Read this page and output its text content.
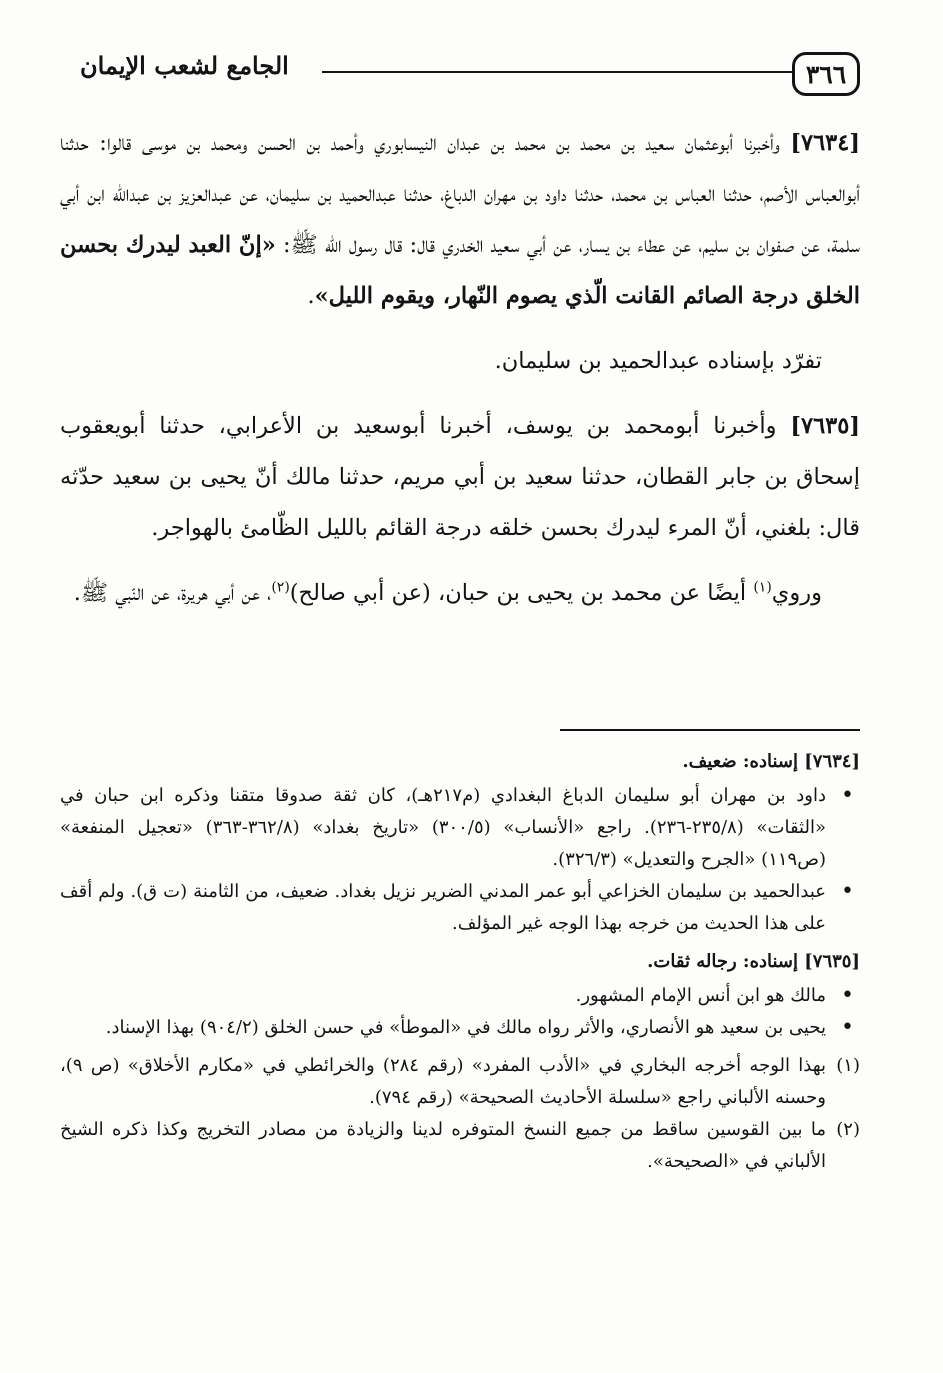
٣٦٦
الجامع لشعب الإيمان

[٧٦٣٤] وأخبرنا أبوعثمان سعيد بن محمد بن محمد بن عبدان النيسابوري وأحمد بن الحسن ومحمد بن موسى قالوا: حدثنا أبوالعباس الأصم، حدثنا العباس بن محمد، حدثنا داود بن مهران الدباغ، حدثنا عبدالحميد بن سليمان، عن عبدالعزيز بن عبدالله ابن أبي سلمة، عن صفوان بن سليم، عن عطاء بن يسار، عن أبي سعيد الخدري قال: قال رسول الله ﷺ: «إنّ العبد ليدرك بحسن الخلق درجة الصائم القانت الّذي يصوم النّهار، ويقوم الليل».

تفرّد بإسناده عبدالحميد بن سليمان.

[٧٦٣٥] وأخبرنا أبومحمد بن يوسف، أخبرنا أبوسعيد بن الأعرابي، حدثنا أبويعقوب إسحاق بن جابر القطان، حدثنا سعيد بن أبي مريم، حدثنا مالك أنّ يحيى بن سعيد حدّثه قال: بلغني، أنّ المرء ليدرك بحسن خلقه درجة القائم بالليل الظّامئ بالهواجر.

وروي$^{(١)}$ أيضًا عن محمد بن يحيى بن حبان، (عن أبي صالح)$^{(٢)}$، عن أبي هريرة، عن النّبي ﷺ.

[٧٦٣٤] إسناده: ضعيف.

• داود بن مهران أبو سليمان الدباغ البغدادي (م٢١٧هـ)، كان ثقة صدوقا متقنا وذكره ابن حبان في «الثقات» (٢٣٥/٨-٢٣٦). راجع «الأنساب» (٣٠٠/٥) «تاريخ بغداد» (٣٦٢/٨-٣٦٣) «تعجيل المنفعة» (ص١١٩) «الجرح والتعديل» (٣٢٦/٣).

• عبدالحميد بن سليمان الخزاعي أبو عمر المدني الضرير نزيل بغداد. ضعيف، من الثامنة (ت ق). ولم أقف على هذا الحديث من خرجه بهذا الوجه غير المؤلف.

[٧٦٣٥] إسناده: رجاله ثقات.

• مالك هو ابن أنس الإمام المشهور.

• يحيى بن سعيد هو الأنصاري، والأثر رواه مالك في «الموطأ» في حسن الخلق (٩٠٤/٢) بهذا الإسناد.

(١)
بهذا الوجه أخرجه البخاري في «الأدب المفرد» (رقم ٢٨٤) والخرائطي في «مكارم الأخلاق» (ص ٩)، وحسنه الألباني راجع «سلسلة الأحاديث الصحيحة» (رقم ٧٩٤).

(٢)
ما بين القوسين ساقط من جميع النسخ المتوفره لدينا والزيادة من مصادر التخريج وكذا ذكره الشيخ الألباني في «الصحيحة».
